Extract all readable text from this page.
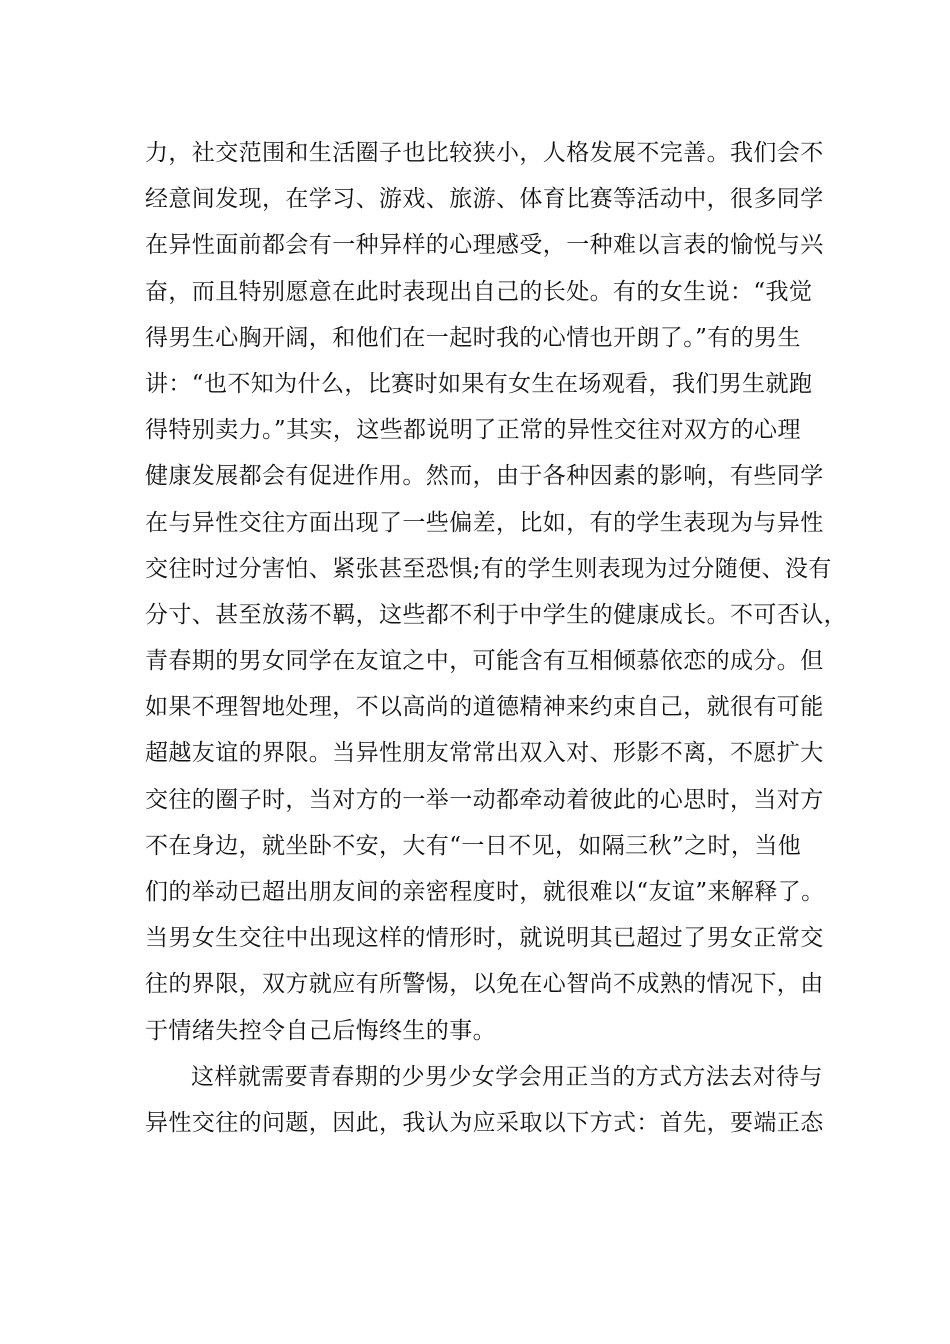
力，社交范围和生活圈子也比较狭小，人格发展不完善。我们会不
经意间发现，在学习、游戏、旅游、体育比赛等活动中，很多同学
在异性面前都会有一种异样的心理感受，一种难以言表的愉悦与兴
奋，而且特别愿意在此时表现出自己的长处。有的女生说：“我觉
得男生心胸开阔，和他们在一起时我的心情也开朗了。”有的男生
讲：“也不知为什么，比赛时如果有女生在场观看，我们男生就跑
得特别卖力。”其实，这些都说明了正常的异性交往对双方的心理
健康发展都会有促进作用。然而，由于各种因素的影响，有些同学
在与异性交往方面出现了一些偏差，比如，有的学生表现为与异性
交往时过分害怕、紧张甚至恐惧;有的学生则表现为过分随便、没有
分寸、甚至放荡不羁，这些都不利于中学生的健康成长。不可否认，
青春期的男女同学在友谊之中，可能含有互相倾慕依恋的成分。但
如果不理智地处理，不以高尚的道德精神来约束自己，就很有可能
超越友谊的界限。当异性朋友常常出双入对、形影不离，不愿扩大
交往的圈子时，当对方的一举一动都牵动着彼此的心思时，当对方
不在身边，就坐卧不安，大有“一日不见，如隔三秋”之时，当他
们的举动已超出朋友间的亲密程度时，就很难以“友谊”来解释了。
当男女生交往中出现这样的情形时，就说明其已超过了男女正常交
往的界限，双方就应有所警惕，以免在心智尚不成熟的情况下，由
于情绪失控令自己后悔终生的事。
这样就需要青春期的少男少女学会用正当的方式方法去对待与
异性交往的问题，因此，我认为应采取以下方式：首先，要端正态
